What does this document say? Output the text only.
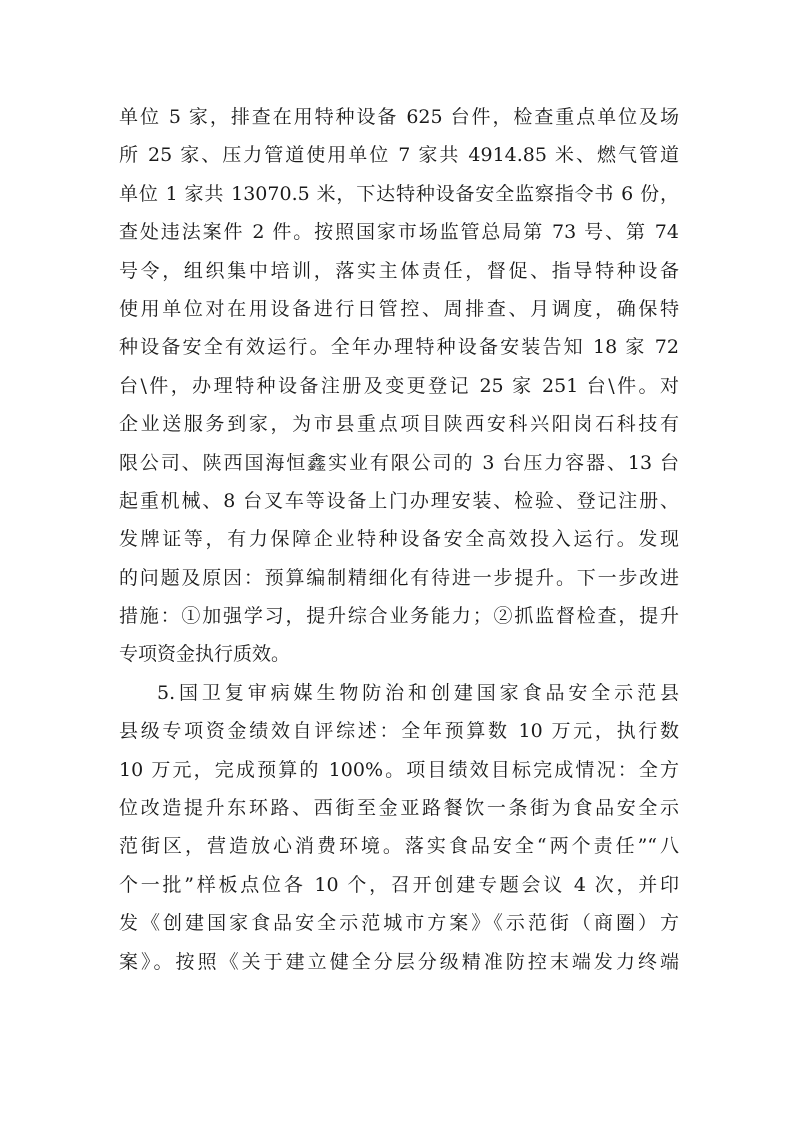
单位 5 家，排查在用特种设备 625 台件，检查重点单位及场
所 25 家、压力管道使用单位 7 家共 4914.85 米、燃气管道
单位 1 家共 13070.5 米，下达特种设备安全监察指令书 6 份，
查处违法案件 2 件。按照国家市场监管总局第 73 号、第 74
号令，组织集中培训，落实主体责任，督促、指导特种设备
使用单位对在用设备进行日管控、周排查、月调度，确保特
种设备安全有效运行。全年办理特种设备安装告知 18 家 72
台\件，办理特种设备注册及变更登记 25 家 251 台\件。对
企业送服务到家，为市县重点项目陕西安科兴阳岗石科技有
限公司、陕西国海恒鑫实业有限公司的 3 台压力容器、13 台
起重机械、8 台叉车等设备上门办理安装、检验、登记注册、
发牌证等，有力保障企业特种设备安全高效投入运行。发现
的问题及原因：预算编制精细化有待进一步提升。下一步改进
措施：①加强学习，提升综合业务能力；②抓监督检查，提升
专项资金执行质效。
5.国卫复审病媒生物防治和创建国家食品安全示范县
县级专项资金绩效自评综述：全年预算数 10 万元，执行数
10 万元，完成预算的 100%。项目绩效目标完成情况：全方
位改造提升东环路、西街至金亚路餐饮一条街为食品安全示
范街区，营造放心消费环境。落实食品安全“两个责任”“八
个一批”样板点位各 10 个，召开创建专题会议 4 次，并印
发《创建国家食品安全示范城市方案》《示范街（商圈）方
案》。按照《关于建立健全分层分级精准防控末端发力终端
